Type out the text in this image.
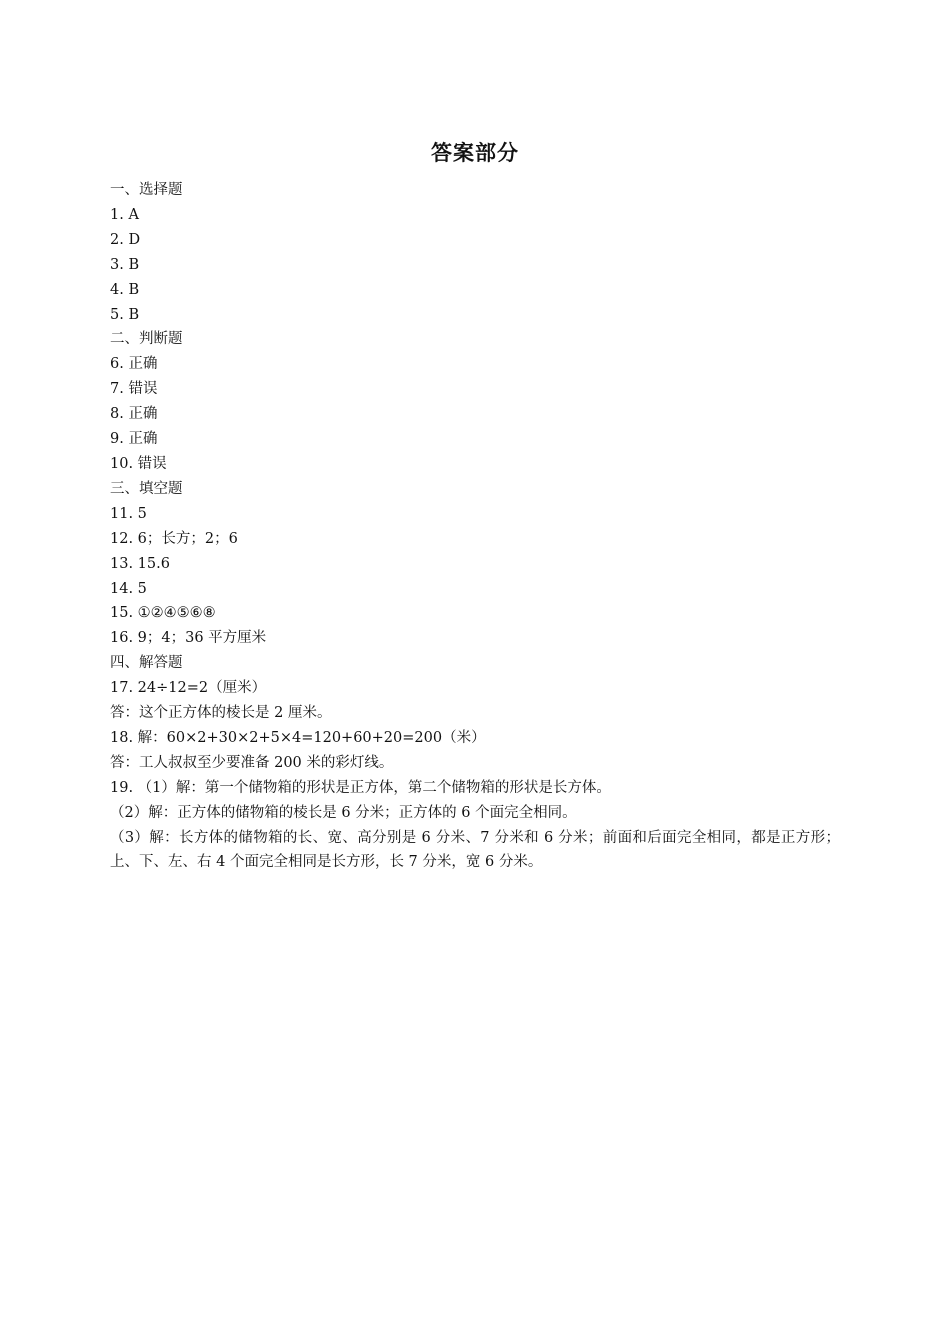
答案部分
一、选择题
1. A
2. D
3. B
4. B
5. B
二、判断题
6. 正确
7. 错误
8. 正确
9. 正确
10. 错误
三、填空题
11. 5
12. 6；长方；2；6
13. 15.6
14. 5
15. ①②④⑤⑥⑧
16. 9；4；36 平方厘米
四、解答题
17. 24÷12=2（厘米）
答：这个正方体的棱长是 2 厘米。
18. 解：60×2+30×2+5×4=120+60+20=200（米）
答：工人叔叔至少要准备 200 米的彩灯线。
19. （1）解：第一个储物箱的形状是正方体，第二个储物箱的形状是长方体。
（2）解：正方体的储物箱的棱长是 6 分米；正方体的 6 个面完全相同。
（3）解：长方体的储物箱的长、宽、高分别是 6 分米、7 分米和 6 分米；前面和后面完全相同，都是正方形；上、下、左、右 4 个面完全相同是长方形，长 7 分米，宽 6 分米。
